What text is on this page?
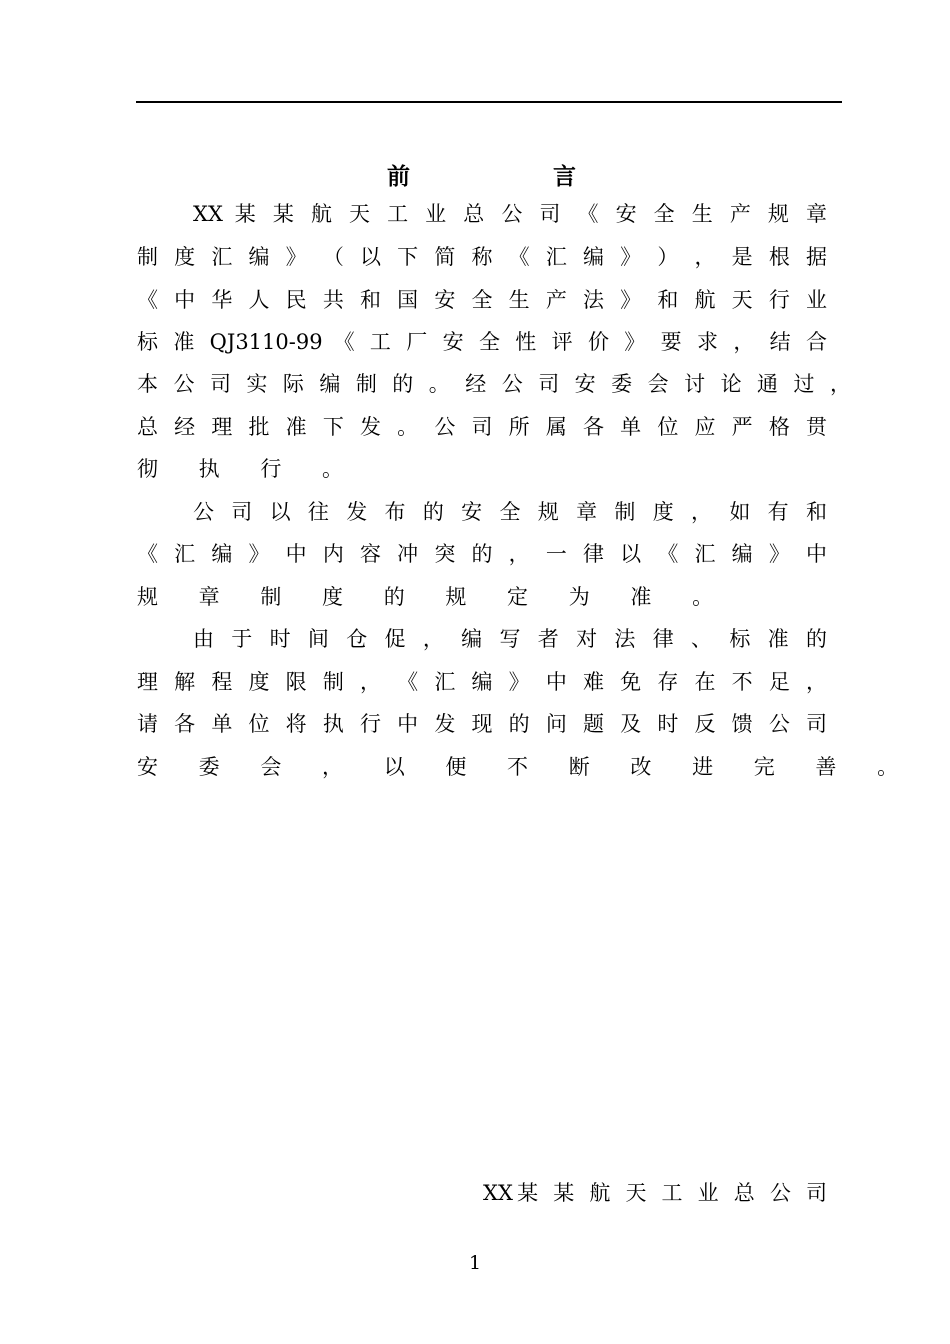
前	言
XX 某 某 航 天 工 业 总 公 司 《 安 全 生 产 规 章
制 度 汇 编 》 （ 以 下 简 称 《 汇 编 》 ） ， 是 根 据
《 中 华 人 民 共 和 国 安 全 生 产 法 》 和 航 天 行 业
标 准 QJ3110-99 《 工 厂 安 全 性 评 价 》 要 求 ， 结 合
本 公 司 实 际 编 制 的 。 经 公 司 安 委 会 讨 论 通 过 ，
总 经 理 批 准 下 发 。 公 司 所 属 各 单 位 应 严 格 贯
彻 执 行 。
公 司 以 往 发 布 的 安 全 规 章 制 度 ， 如 有 和
《 汇 编 》 中 内 容 冲 突 的 ， 一 律 以 《 汇 编 》 中
规 章 制 度 的 规 定 为 准 。
由 于 时 间 仓 促 ， 编 写 者 对 法 律 、 标 准 的
理 解 程 度 限 制 ， 《 汇 编 》 中 难 免 存 在 不 足 ，
请 各 单 位 将 执 行 中 发 现 的 问 题 及 时 反 馈 公 司
安 委 会 ， 以 便 不 断 改 进 完 善 。
XX某 某 航 天 工 业 总 公 司
1
